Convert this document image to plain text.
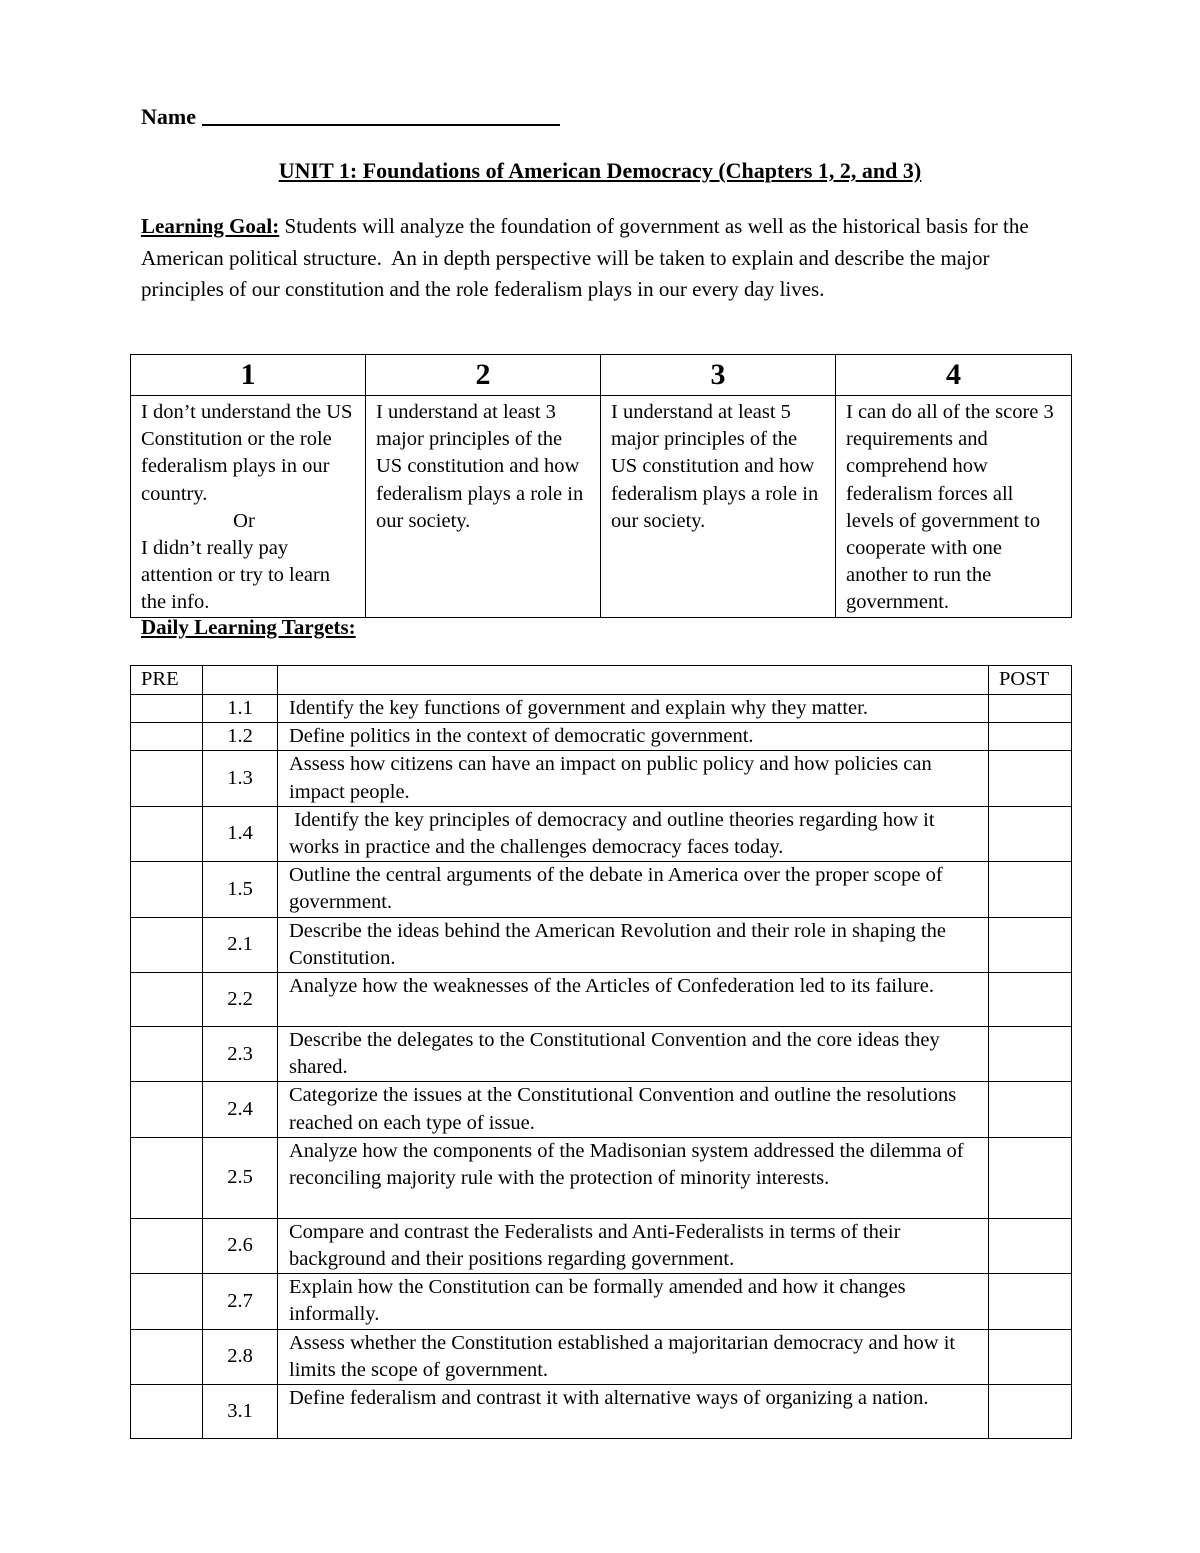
Name
UNIT 1: Foundations of American Democracy (Chapters 1, 2, and 3)
Learning Goal: Students will analyze the foundation of government as well as the historical basis for the American political structure.  An in depth perspective will be taken to explain and describe the major principles of our constitution and the role federalism plays in our every day lives.
1	2	3	4
I don’t understand the US Constitution or the role federalism plays in our country.
Or
I didn’t really pay attention or try to learn the info.	I understand at least 3 major principles of the US constitution and how federalism plays a role in our society.	I understand at least 5 major principles of the US constitution and how federalism plays a role in our society.	I can do all of the score 3 requirements and comprehend how federalism forces all levels of government to cooperate with one another to run the government.
Daily Learning Targets:
PRE			POST
	1.1	Identify the key functions of government and explain why they matter.	
	1.2	Define politics in the context of democratic government.	
	1.3	Assess how citizens can have an impact on public policy and how policies can impact people.	
	1.4	Identify the key principles of democracy and outline theories regarding how it works in practice and the challenges democracy faces today.	
	1.5	Outline the central arguments of the debate in America over the proper scope of government.	
	2.1	Describe the ideas behind the American Revolution and their role in shaping the Constitution.	
	2.2	Analyze how the weaknesses of the Articles of Confederation led to its failure.	
	2.3	Describe the delegates to the Constitutional Convention and the core ideas they shared.	
	2.4	Categorize the issues at the Constitutional Convention and outline the resolutions reached on each type of issue.	
	2.5	Analyze how the components of the Madisonian system addressed the dilemma of reconciling majority rule with the protection of minority interests.	
	2.6	Compare and contrast the Federalists and Anti-Federalists in terms of their background and their positions regarding government.	
	2.7	Explain how the Constitution can be formally amended and how it changes informally.	
	2.8	Assess whether the Constitution established a majoritarian democracy and how it limits the scope of government.	
	3.1	Define federalism and contrast it with alternative ways of organizing a nation.	
